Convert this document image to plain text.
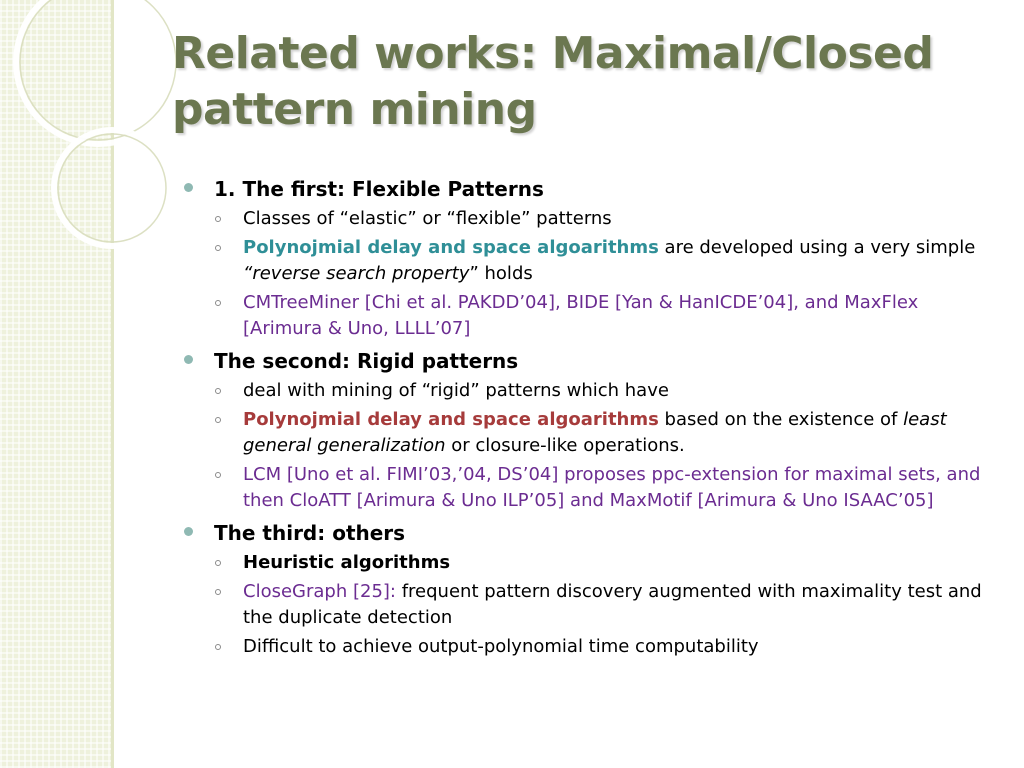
Related works: Maximal/Closed pattern mining
1. The first: Flexible Patterns
Classes of “elastic” or “flexible” patterns
Polynojmial delay and space algoarithms are developed using a very simple “reverse search property” holds
CMTreeMiner [Chi et al. PAKDD’04], BIDE [Yan & HanICDE’04], and MaxFlex [Arimura & Uno, LLLL’07]
The second: Rigid patterns
deal with mining of “rigid” patterns which have
Polynojmial delay and space algoarithms based on the existence of least general generalization or closure-like operations.
LCM [Uno et al. FIMI’03,’04, DS’04] proposes ppc-extension for maximal sets, and then CloATT [Arimura & Uno ILP’05] and MaxMotif [Arimura & Uno ISAAC’05]
The third: others
Heuristic algorithms
CloseGraph [25]: frequent pattern discovery augmented with maximality test and the duplicate detection
Difficult to achieve output-polynomial time computability
